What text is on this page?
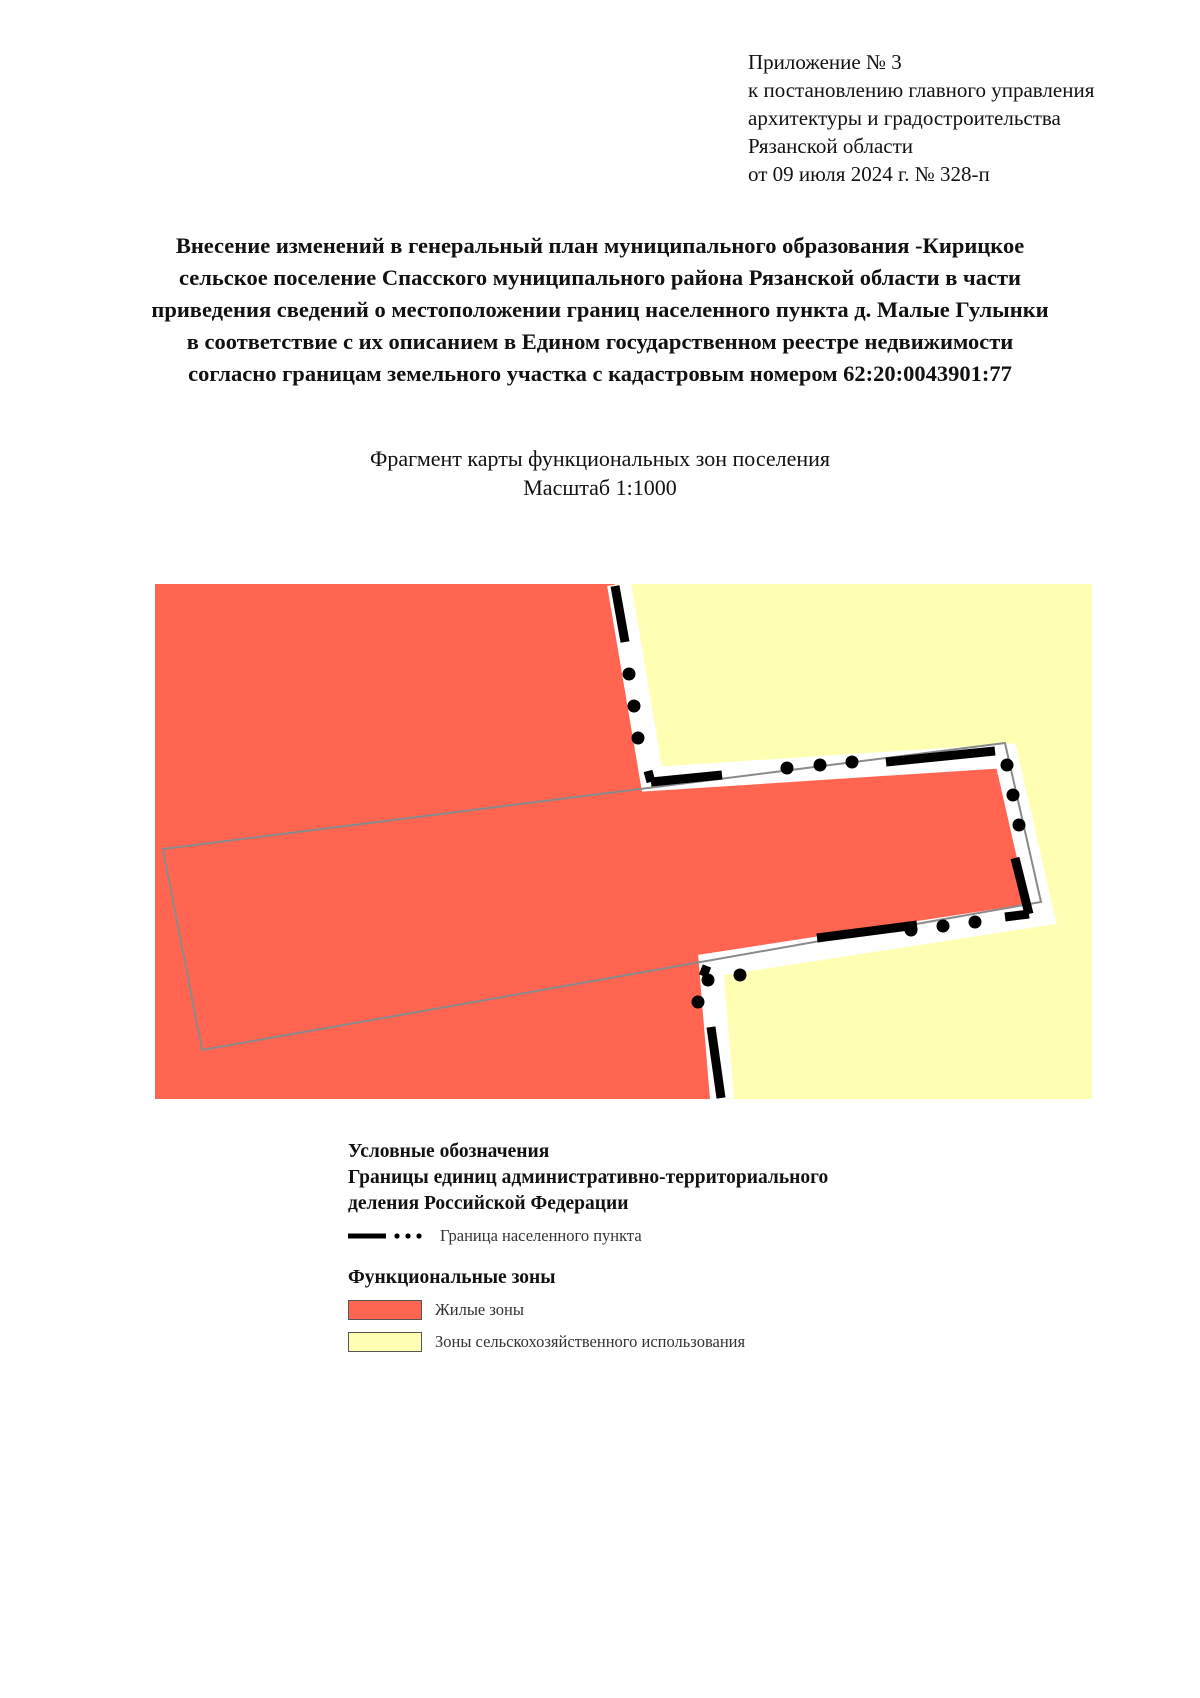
Приложение № 3
к постановлению главного управления
архитектуры и градостроительства
Рязанской области
от 09 июля 2024 г. № 328-п
Внесение изменений в генеральный план муниципального образования -Кирицкое
сельское поселение Спасского муниципального района Рязанской области в части
приведения сведений о местоположении границ населенного пункта д. Малые Гулынки
в соответствие с их описанием в Едином государственном реестре недвижимости
согласно границам земельного участка с кадастровым номером 62:20:0043901:77
Фрагмент карты функциональных зон поселения
Масштаб 1:1000
Условные обозначения
Границы единиц административно-территориального
деления Российской Федерации
Граница населенного пункта
Функциональные зоны
Жилые зоны
Зоны сельскохозяйственного использования
